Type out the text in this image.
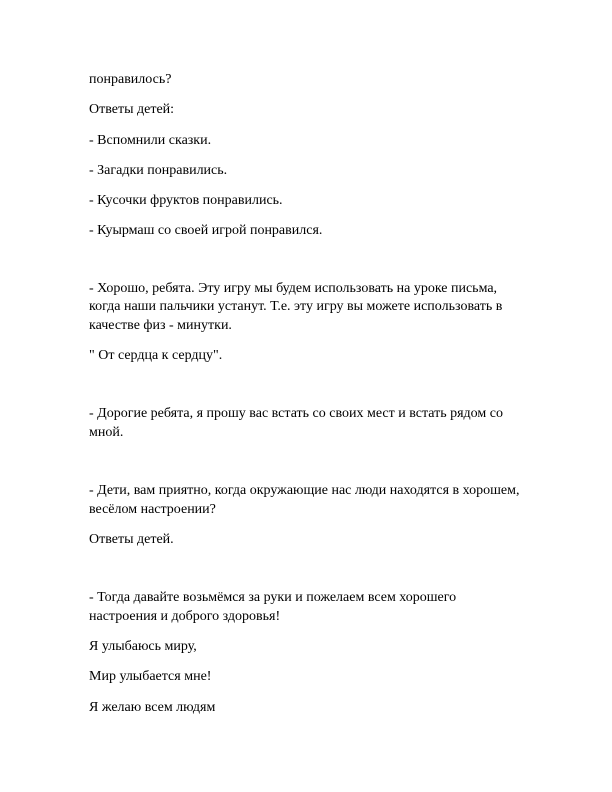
понравилось?

Ответы детей:

- Вспомнили сказки.

- Загадки понравились.

- Кусочки фруктов понравились.

- Куырмаш со своей игрой понравился.

- Хорошо, ребята. Эту игру мы будем использовать на уроке письма,

когда наши пальчики устанут. Т.е. эту игру вы можете использовать в

качестве физ - минутки.

" От сердца к сердцу".

- Дорогие ребята, я прошу вас встать со своих мест и встать рядом со

мной.

- Дети, вам приятно, когда окружающие нас люди находятся в хорошем,

весёлом настроении?

Ответы детей.

- Тогда давайте возьмёмся за руки и пожелаем всем хорошего

настроения и доброго здоровья!

Я улыбаюсь миру,

Мир улыбается мне!

Я желаю всем людям
